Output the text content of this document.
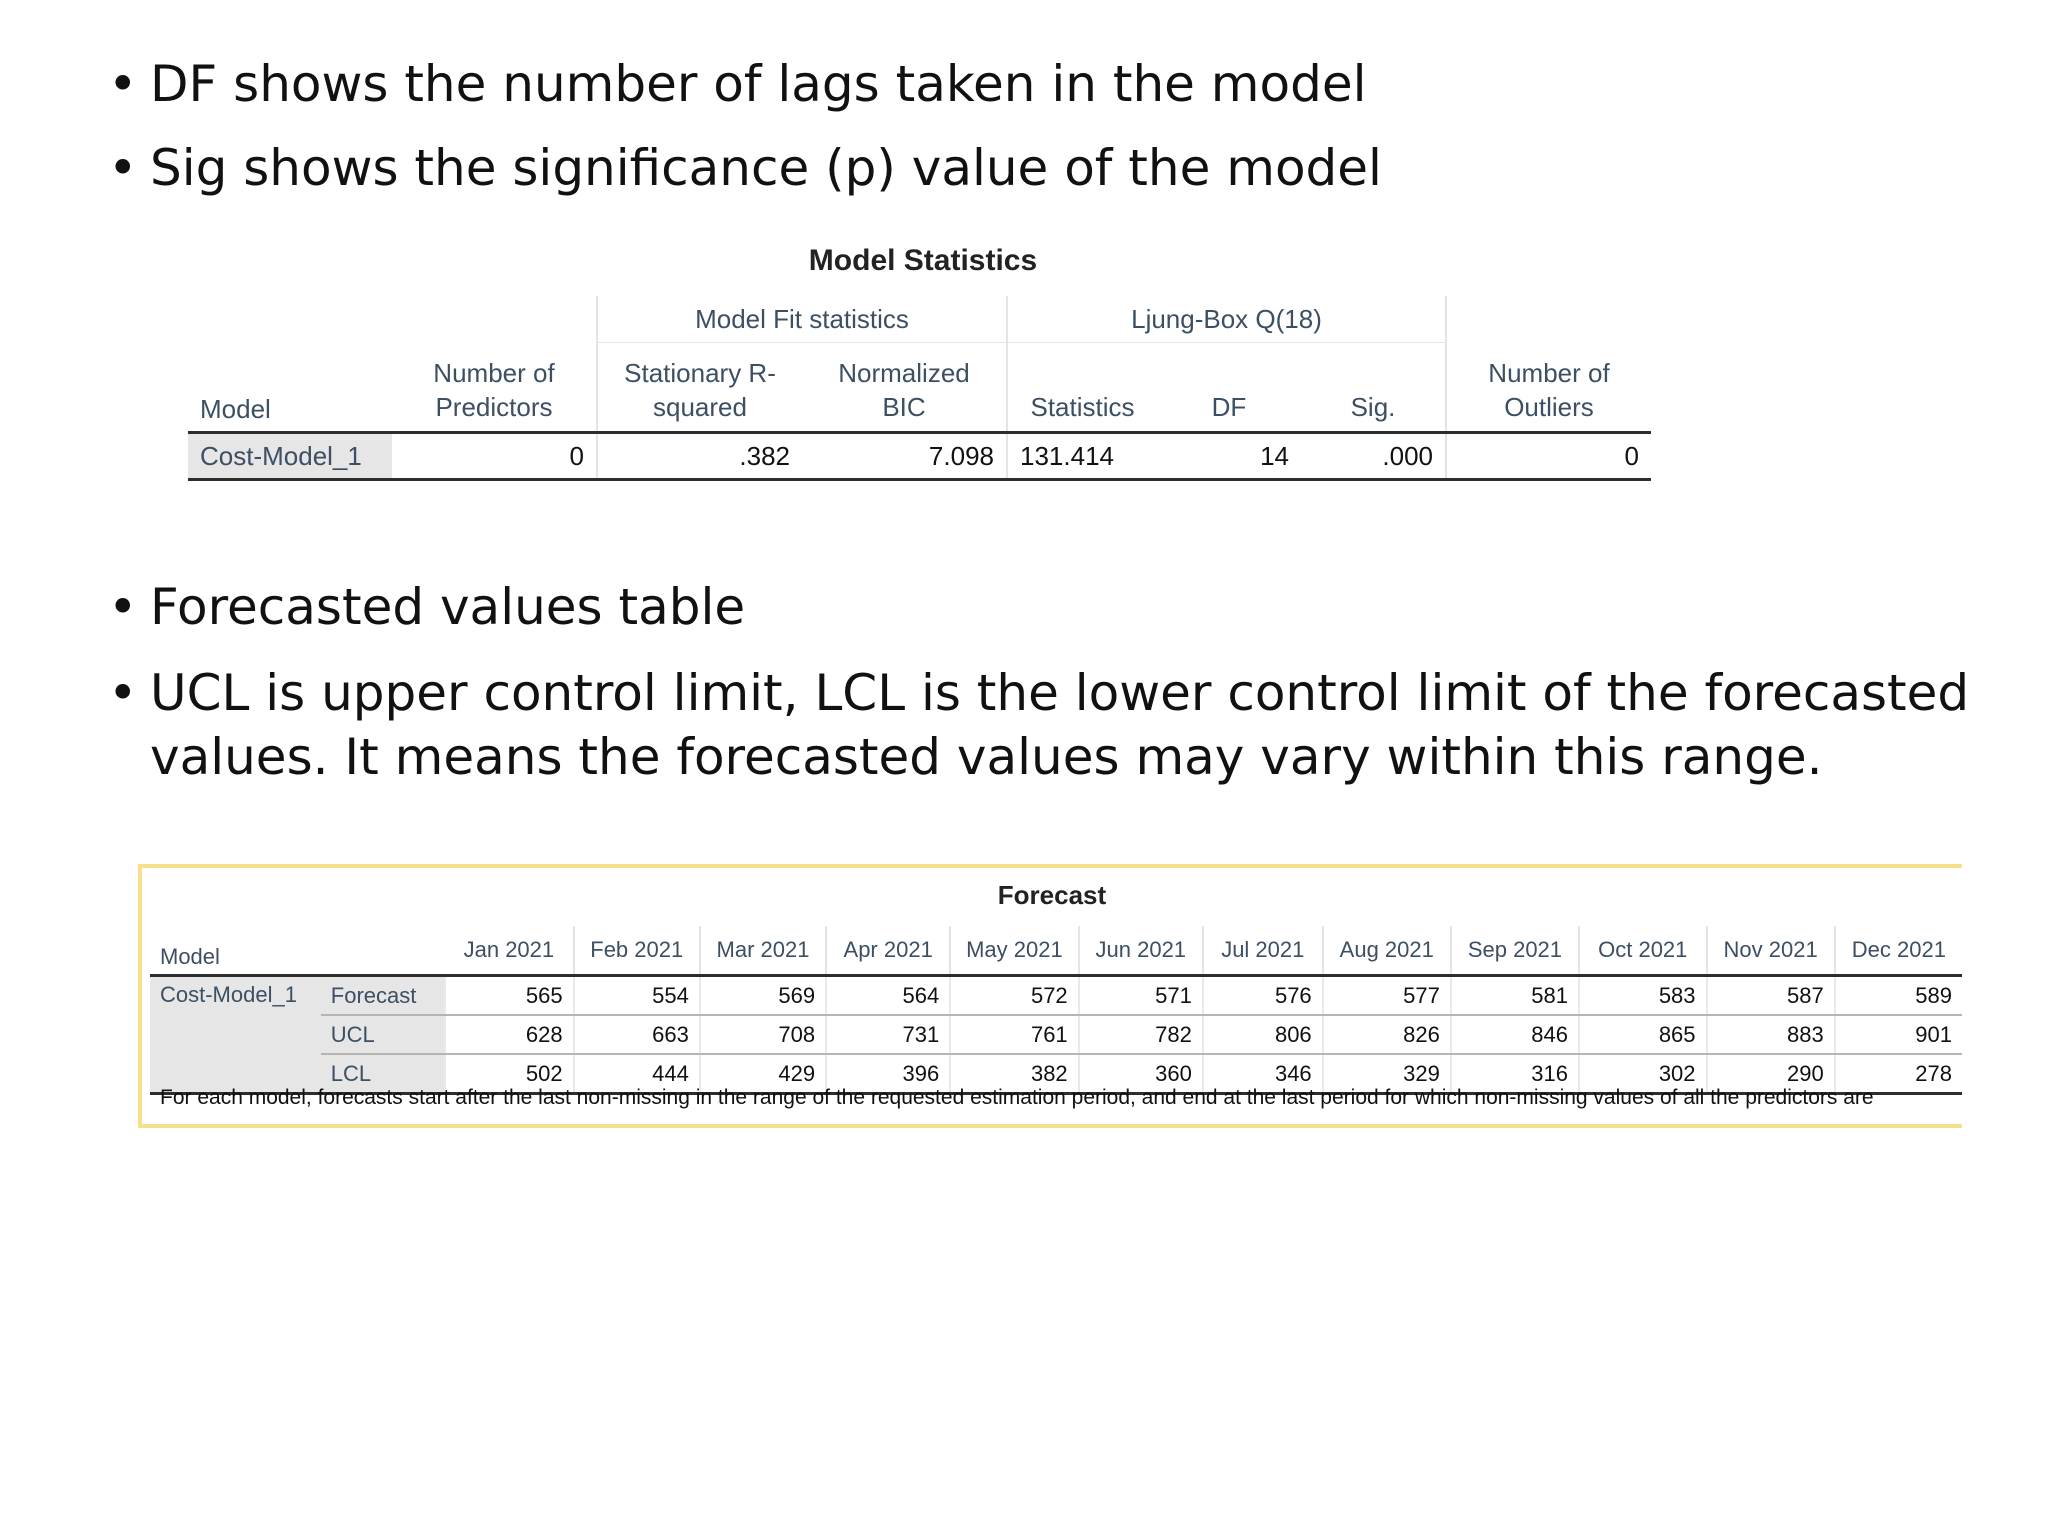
• DF shows the number of lags taken in the model
• Sig shows the significance (p) value of the model
Model Statistics
Model		Model Fit statistics		Ljung-Box Q(18)			
	Number of Predictors	Stationary R-squared	Normalized BIC	Statistics	DF	Sig.	Number of Outliers

Cost-Model_1	0	.382	7.098	131.414	14	.000	0
• Forecasted values table
• UCL is upper control limit, LCL is the lower control limit of the forecasted values. It means the forecasted values may vary within this range.
Forecast
Model		Jan 2021	Feb 2021	Mar 2021	Apr 2021	May 2021	Jun 2021	Jul 2021	Aug 2021	Sep 2021	Oct 2021	Nov 2021	Dec 2021
Cost-Model_1	Forecast	565	554	569	564	572	571	576	577	581	583	587	589
	UCL	628	663	708	731	761	782	806	826	846	865	883	901
	LCL	502	444	429	396	382	360	346	329	316	302	290	278
For each model, forecasts start after the last non-missing in the range of the requested estimation period, and end at the last period for which non-missing values of all the predictors are
